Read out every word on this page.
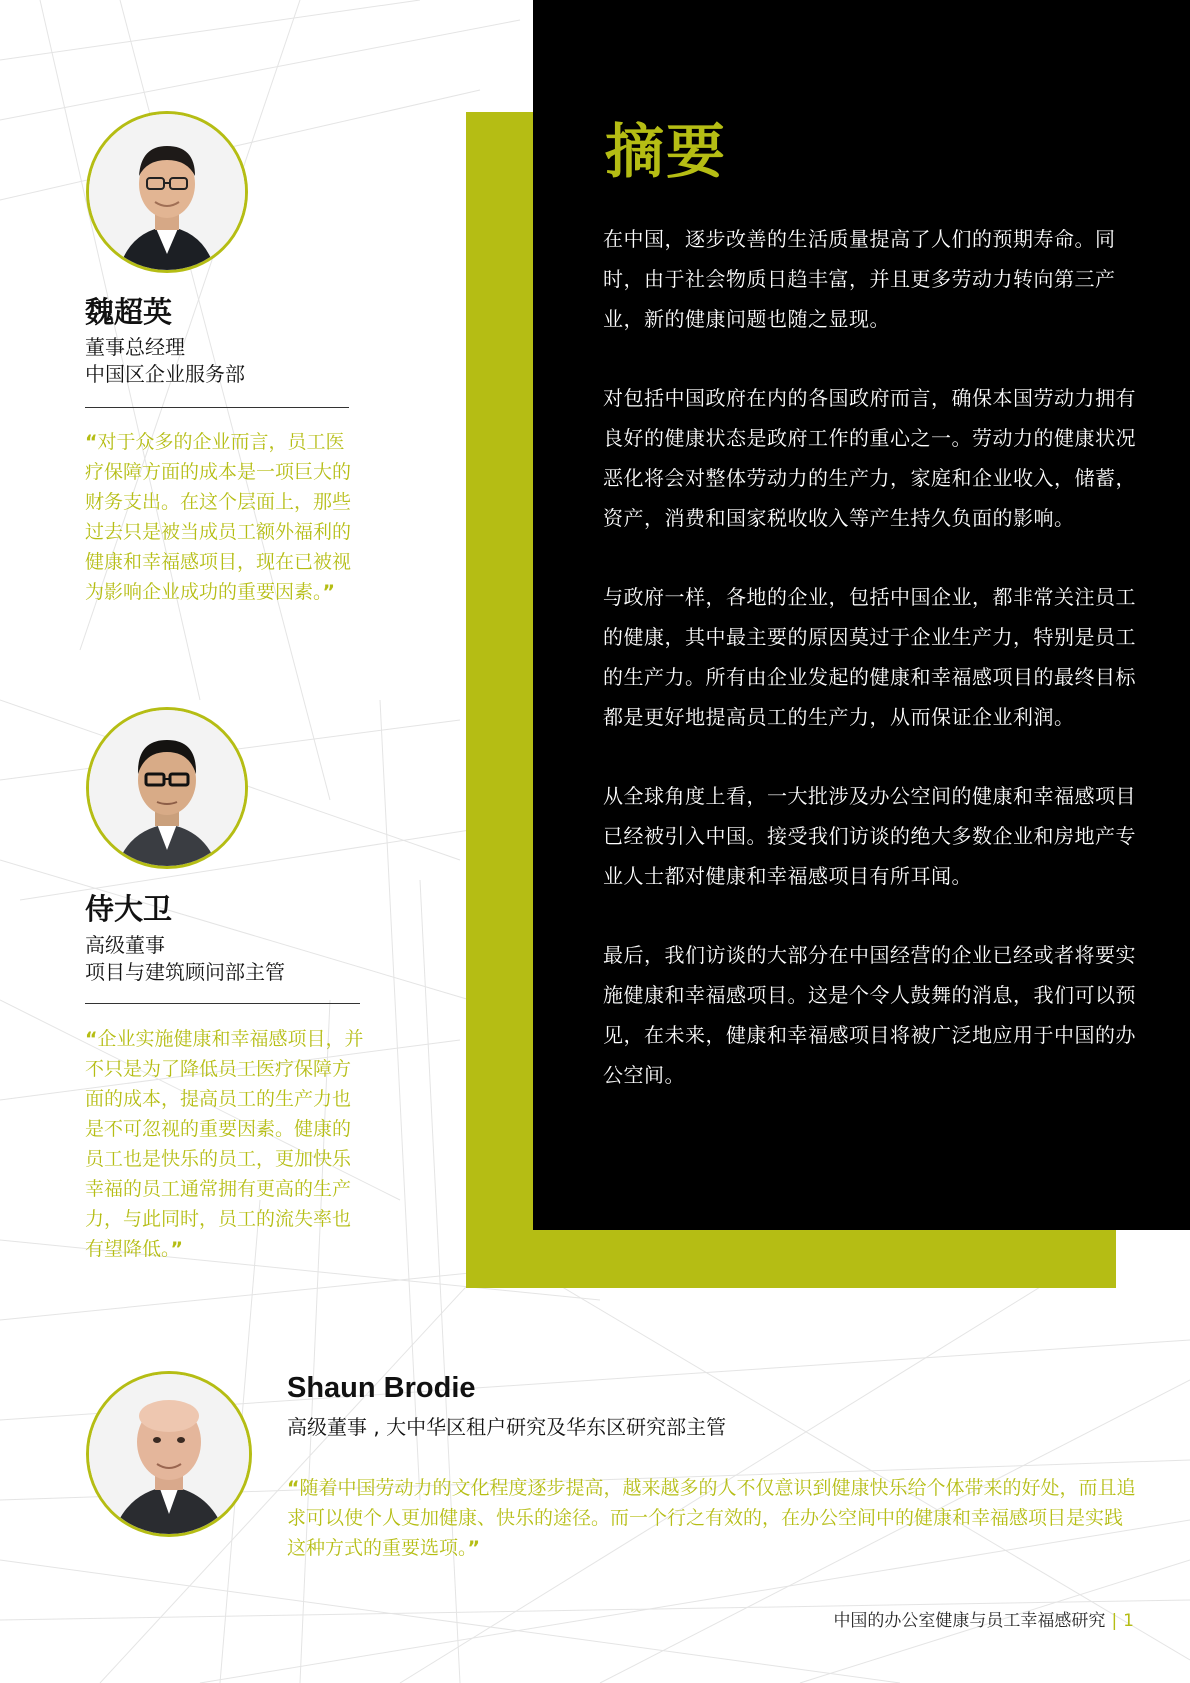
摘要

在中国，逐步改善的生活质量提高了人们的预期寿命。同时，由于社会物质日趋丰富，并且更多劳动力转向第三产业，新的健康问题也随之显现。

对包括中国政府在内的各国政府而言，确保本国劳动力拥有良好的健康状态是政府工作的重心之一。劳动力的健康状况恶化将会对整体劳动力的生产力，家庭和企业收入，储蓄，资产，消费和国家税收收入等产生持久负面的影响。

与政府一样，各地的企业，包括中国企业，都非常关注员工的健康，其中最主要的原因莫过于企业生产力，特别是员工的生产力。所有由企业发起的健康和幸福感项目的最终目标都是更好地提高员工的生产力，从而保证企业利润。

从全球角度上看，一大批涉及办公空间的健康和幸福感项目已经被引入中国。接受我们访谈的绝大多数企业和房地产专业人士都对健康和幸福感项目有所耳闻。

最后，我们访谈的大部分在中国经营的企业已经或者将要实施健康和幸福感项目。这是个令人鼓舞的消息，我们可以预见，在未来，健康和幸福感项目将被广泛地应用于中国的办公空间。

魏超英
董事总经理
中国区企业服务部

“对于众多的企业而言，员工医疗保障方面的成本是一项巨大的财务支出。在这个层面上，那些过去只是被当成员工额外福利的健康和幸福感项目，现在已被视为影响企业成功的重要因素。”

侍大卫
高级董事
项目与建筑顾问部主管

“企业实施健康和幸福感项目，并不只是为了降低员工医疗保障方面的成本，提高员工的生产力也是不可忽视的重要因素。健康的员工也是快乐的员工，更加快乐幸福的员工通常拥有更高的生产力，与此同时，员工的流失率也有望降低。”

Shaun Brodie
高级董事 , 大中华区租户研究及华东区研究部主管

“随着中国劳动力的文化程度逐步提高，越来越多的人不仅意识到健康快乐给个体带来的好处，而且追求可以使个人更加健康、快乐的途径。而一个行之有效的，在办公空间中的健康和幸福感项目是实践这种方式的重要选项。”

中国的办公室健康与员工幸福感研究 | 1
